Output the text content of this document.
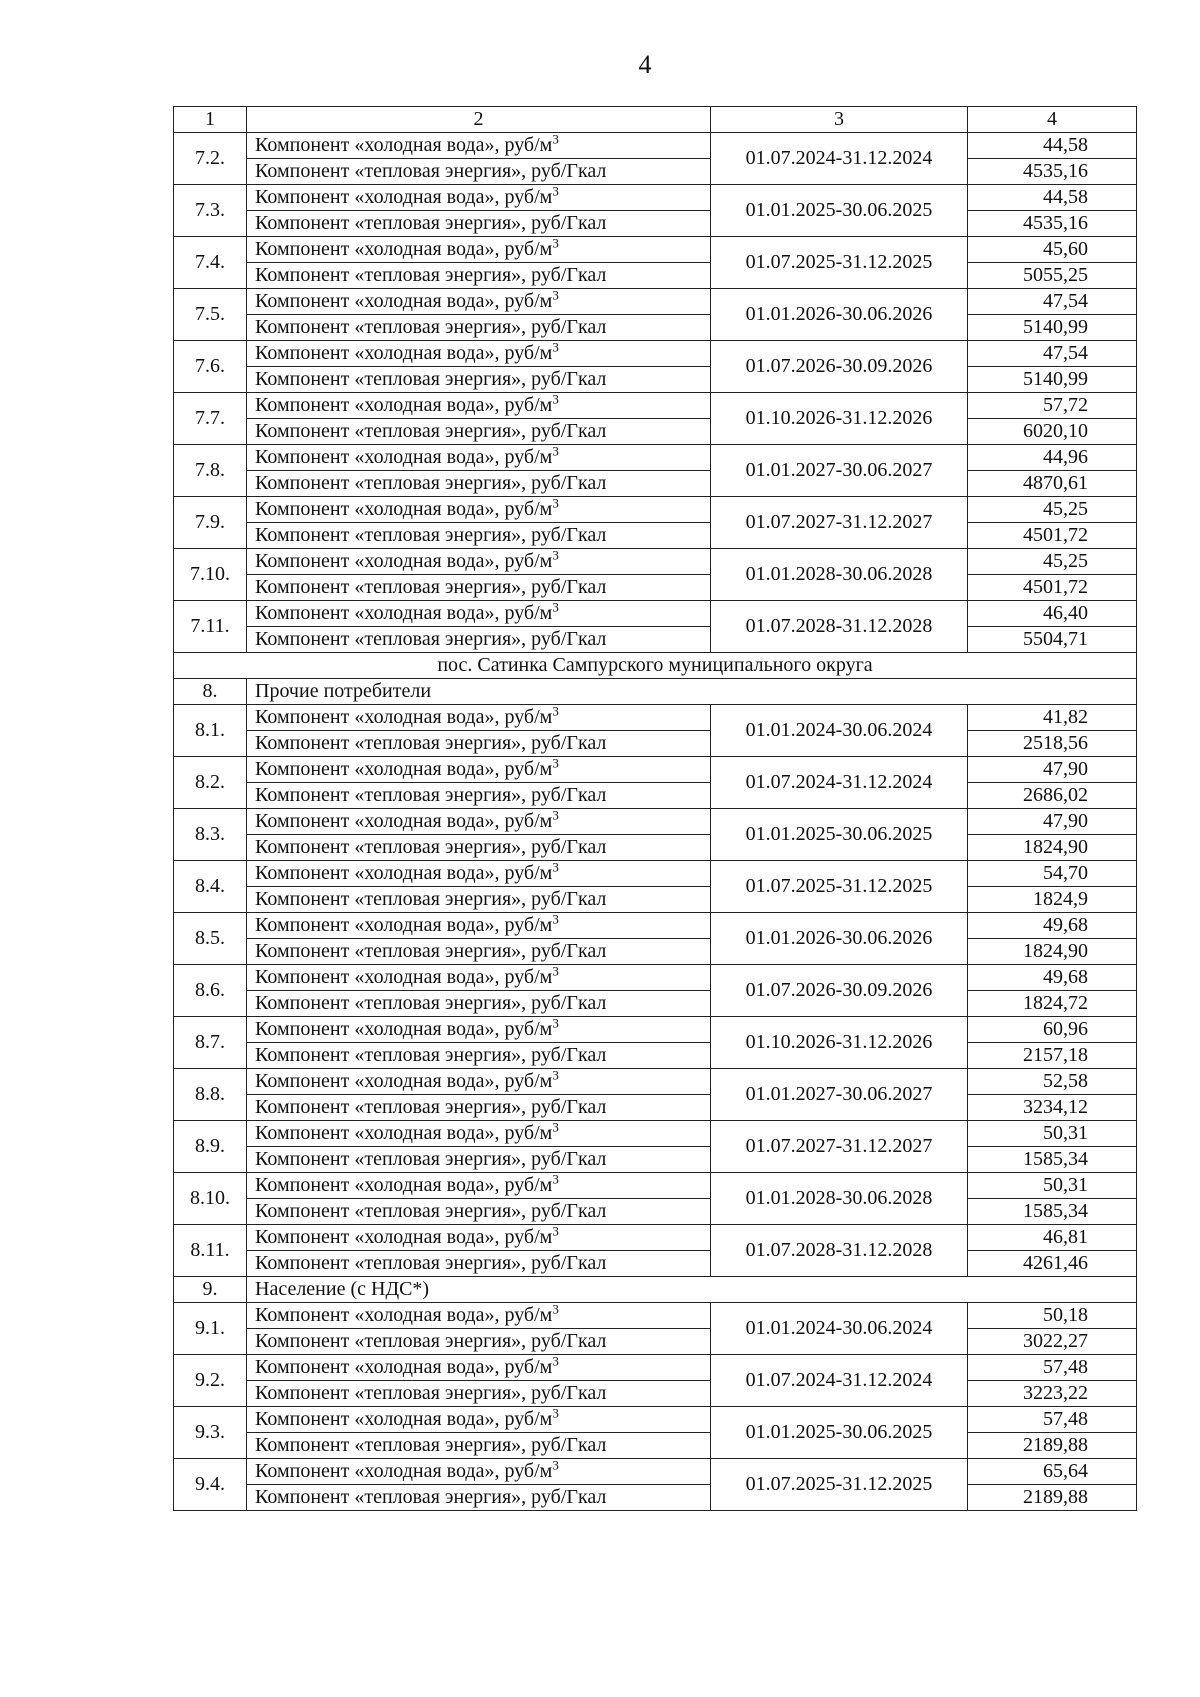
4
1	2	3	4
7.2.	Компонент «холодная вода», руб/$м^3$	01.07.2024-31.12.2024	44,58
	Компонент «тепловая энергия», руб/Гкал		4535,16
7.3.	Компонент «холодная вода», руб/$м^3$	01.01.2025-30.06.2025	44,58
	Компонент «тепловая энергия», руб/Гкал		4535,16
7.4.	Компонент «холодная вода», руб/$м^3$	01.07.2025-31.12.2025	45,60
	Компонент «тепловая энергия», руб/Гкал		5055,25
7.5.	Компонент «холодная вода», руб/$м^3$	01.01.2026-30.06.2026	47,54
	Компонент «тепловая энергия», руб/Гкал		5140,99
7.6.	Компонент «холодная вода», руб/$м^3$	01.07.2026-30.09.2026	47,54
	Компонент «тепловая энергия», руб/Гкал		5140,99
7.7.	Компонент «холодная вода», руб/$м^3$	01.10.2026-31.12.2026	57,72
	Компонент «тепловая энергия», руб/Гкал		6020,10
7.8.	Компонент «холодная вода», руб/$м^3$	01.01.2027-30.06.2027	44,96
	Компонент «тепловая энергия», руб/Гкал		4870,61
7.9.	Компонент «холодная вода», руб/$м^3$	01.07.2027-31.12.2027	45,25
	Компонент «тепловая энергия», руб/Гкал		4501,72
7.10.	Компонент «холодная вода», руб/$м^3$	01.01.2028-30.06.2028	45,25
	Компонент «тепловая энергия», руб/Гкал		4501,72
7.11.	Компонент «холодная вода», руб/$м^3$	01.07.2028-31.12.2028	46,40
	Компонент «тепловая энергия», руб/Гкал		5504,71
пос. Сатинка Сампурского муниципального округа			
8.	Прочие потребители		
8.1.	Компонент «холодная вода», руб/$м^3$	01.01.2024-30.06.2024	41,82
	Компонент «тепловая энергия», руб/Гкал		2518,56
8.2.	Компонент «холодная вода», руб/$м^3$	01.07.2024-31.12.2024	47,90
	Компонент «тепловая энергия», руб/Гкал		2686,02
8.3.	Компонент «холодная вода», руб/$м^3$	01.01.2025-30.06.2025	47,90
	Компонент «тепловая энергия», руб/Гкал		1824,90
8.4.	Компонент «холодная вода», руб/$м^3$	01.07.2025-31.12.2025	54,70
	Компонент «тепловая энергия», руб/Гкал		1824,9
8.5.	Компонент «холодная вода», руб/$м^3$	01.01.2026-30.06.2026	49,68
	Компонент «тепловая энергия», руб/Гкал		1824,90
8.6.	Компонент «холодная вода», руб/$м^3$	01.07.2026-30.09.2026	49,68
	Компонент «тепловая энергия», руб/Гкал		1824,72
8.7.	Компонент «холодная вода», руб/$м^3$	01.10.2026-31.12.2026	60,96
	Компонент «тепловая энергия», руб/Гкал		2157,18
8.8.	Компонент «холодная вода», руб/$м^3$	01.01.2027-30.06.2027	52,58
	Компонент «тепловая энергия», руб/Гкал		3234,12
8.9.	Компонент «холодная вода», руб/$м^3$	01.07.2027-31.12.2027	50,31
	Компонент «тепловая энергия», руб/Гкал		1585,34
8.10.	Компонент «холодная вода», руб/$м^3$	01.01.2028-30.06.2028	50,31
	Компонент «тепловая энергия», руб/Гкал		1585,34
8.11.	Компонент «холодная вода», руб/$м^3$	01.07.2028-31.12.2028	46,81
	Компонент «тепловая энергия», руб/Гкал		4261,46
9.	Население (с НДС*)		
9.1.	Компонент «холодная вода», руб/$м^3$	01.01.2024-30.06.2024	50,18
	Компонент «тепловая энергия», руб/Гкал		3022,27
9.2.	Компонент «холодная вода», руб/$м^3$	01.07.2024-31.12.2024	57,48
	Компонент «тепловая энергия», руб/Гкал		3223,22
9.3.	Компонент «холодная вода», руб/$м^3$	01.01.2025-30.06.2025	57,48
	Компонент «тепловая энергия», руб/Гкал		2189,88
9.4.	Компонент «холодная вода», руб/$м^3$	01.07.2025-31.12.2025	65,64
	Компонент «тепловая энергия», руб/Гкал		2189,88
